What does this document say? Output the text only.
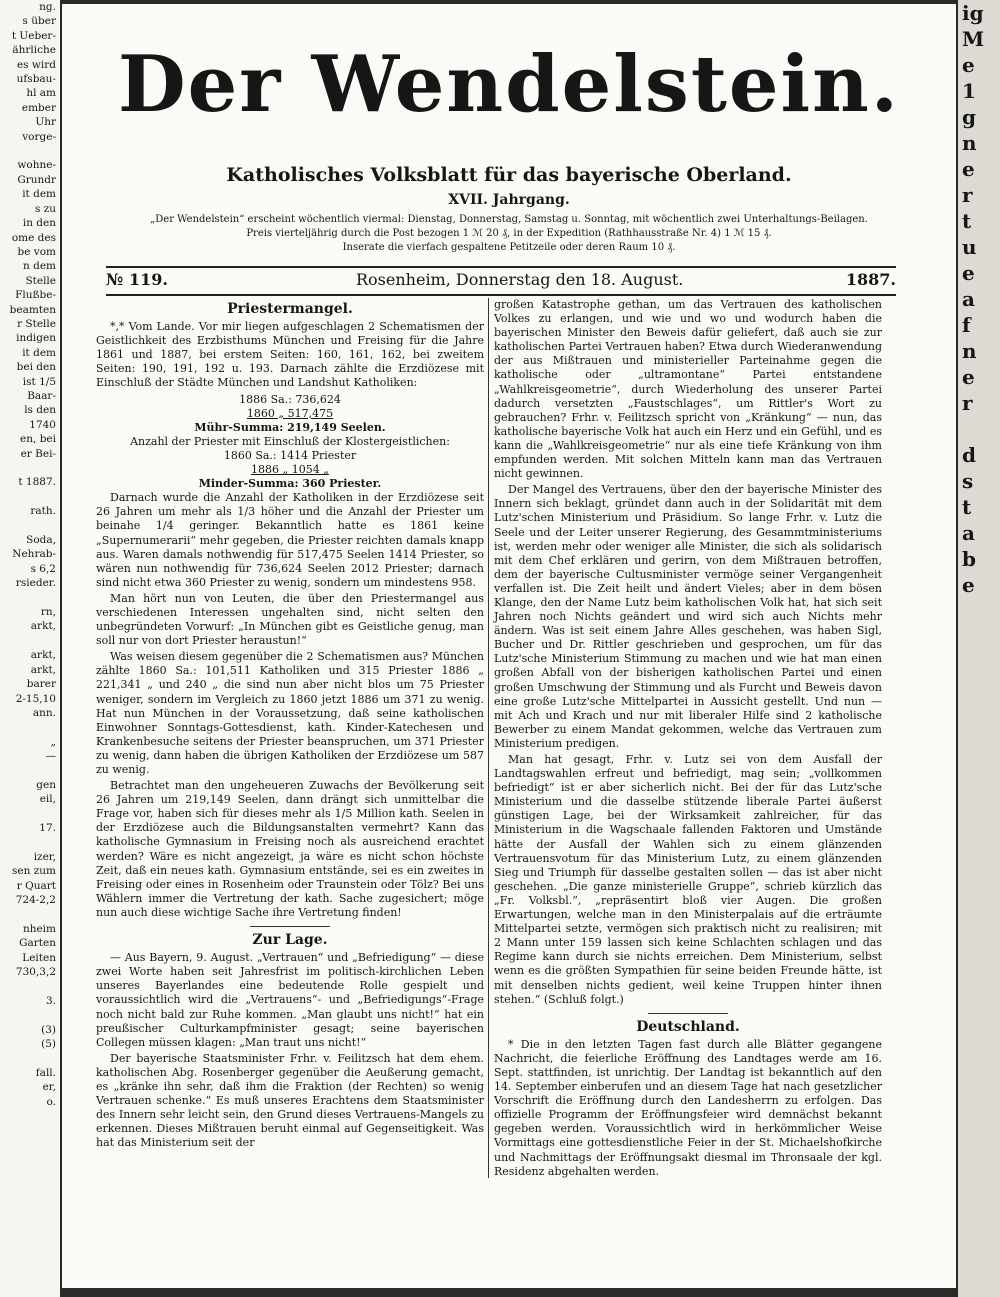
ng.
s über
t Ueber-
ährliche
es wird
ufsbau-
hl am
ember
Uhr
vorge-

wohne-
Grundr
it dem
s zu
in den
ome des
be vom
n dem
Stelle
Flußbe-
beamten
r Stelle
indigen
it dem
bei den
ist 1/5
Baar-
ls den
1740
en, bei
er Bei-

t 1887.

rath.

Soda,
Nehrab-
s 6,2
rsieder.

rn,
arkt,

arkt,
arkt,
barer
2-15,10
ann.

„
—

gen
eil,

17.

izer,
sen zum
r Quart
724-2,2

nheim
Garten
Leiten
730,3,2

3.

(3)
(5)

fall.
er,
o.
ig
M
e
1
g
n
e
r
t
u
e
a
f
n
e
r

d
s
t
a
b
e
Der Wendelstein.
Katholisches Volksblatt für das bayerische Oberland.
XVII. Jahrgang.
„Der Wendelstein“ erscheint wöchentlich viermal: Dienstag, Donnerstag, Samstag u. Sonntag, mit wöchentlich zwei Unterhaltungs-Beilagen.
Preis vierteljährig durch die Post bezogen 1 ℳ 20 ₰, in der Expedition (Rathhausstraße Nr. 4) 1 ℳ 15 ₰.
Inserate die vierfach gespaltene Petitzeile oder deren Raum 10 ₰.
№ 119.	Rosenheim, Donnerstag den 18. August.	1887.
Priestermangel.

*,* Vom Lande. Vor mir liegen aufgeschlagen 2 Schematismen der Geistlichkeit des Erzbisthums München und Freising für die Jahre 1861 und 1887, bei erstem Seiten: 160, 161, 162, bei zweitem Seiten: 190, 191, 192 u. 193. Darnach zählte die Erzdiözese mit Einschluß der Städte München und Landshut Katholiken:

1886 Sa.: 736,624

1860 „ 517,475

Mühr-Summa: 219,149 Seelen.

Anzahl der Priester mit Einschluß der Klostergeistlichen:

1860 Sa.: 1414 Priester

1886 „ 1054 „

Minder-Summa: 360 Priester.

Darnach wurde die Anzahl der Katholiken in der Erzdiözese seit 26 Jahren um mehr als 1/3 höher und die Anzahl der Priester um beinahe 1/4 geringer. Bekanntlich hatte es 1861 keine „Supernumerarii“ mehr gegeben, die Priester reichten damals knapp aus. Waren damals nothwendig für 517,475 Seelen 1414 Priester, so wären nun nothwendig für 736,624 Seelen 2012 Priester; darnach sind nicht etwa 360 Priester zu wenig, sondern um mindestens 958.

Man hört nun von Leuten, die über den Priestermangel aus verschiedenen Interessen ungehalten sind, nicht selten den unbegründeten Vorwurf: „In München gibt es Geistliche genug, man soll nur von dort Priester heraustun!“

Was weisen diesem gegenüber die 2 Schematismen aus? München zählte 1860 Sa.: 101,511 Katholiken und 315 Priester 1886 „ 221,341 „ und 240 „ die sind nun aber nicht blos um 75 Priester weniger, sondern im Vergleich zu 1860 jetzt 1886 um 371 zu wenig. Hat nun München in der Voraussetzung, daß seine katholischen Einwohner Sonntags-Gottesdienst, kath. Kinder-Katechesen und Krankenbesuche seitens der Priester beanspruchen, um 371 Priester zu wenig, dann haben die übrigen Katholiken der Erzdiözese um 587 zu wenig.

Betrachtet man den ungeheueren Zuwachs der Bevölkerung seit 26 Jahren um 219,149 Seelen, dann drängt sich unmittelbar die Frage vor, haben sich für dieses mehr als 1/5 Million kath. Seelen in der Erzdiözese auch die Bildungsanstalten vermehrt? Kann das katholische Gymnasium in Freising noch als ausreichend erachtet werden? Wäre es nicht angezeigt, ja wäre es nicht schon höchste Zeit, daß ein neues kath. Gymnasium entstände, sei es ein zweites in Freising oder eines in Rosenheim oder Traunstein oder Tölz? Bei uns Wählern immer die Vertretung der kath. Sache zugesichert; möge nun auch diese wichtige Sache ihre Vertretung finden!

Zur Lage.

— Aus Bayern, 9. August. „Vertrauen“ und „Befriedigung“ — diese zwei Worte haben seit Jahresfrist im politisch-kirchlichen Leben unseres Bayerlandes eine bedeutende Rolle gespielt und voraussichtlich wird die „Vertrauens“- und „Befriedigungs“-Frage noch nicht bald zur Ruhe kommen. „Man glaubt uns nicht!“ hat ein preußischer Culturkampfminister gesagt; seine bayerischen Collegen müssen klagen: „Man traut uns nicht!“

Der bayerische Staatsminister Frhr. v. Feilitzsch hat dem ehem. katholischen Abg. Rosenberger gegenüber die Aeußerung gemacht, es „kränke ihn sehr, daß ihm die Fraktion (der Rechten) so wenig Vertrauen schenke.“ Es muß unseres Erachtens dem Staatsminister des Innern sehr leicht sein, den Grund dieses Vertrauens-Mangels zu erkennen. Dieses Mißtrauen beruht einmal auf Gegenseitigkeit. Was hat das Ministerium seit der

großen Katastrophe gethan, um das Vertrauen des katholischen Volkes zu erlangen, und wie und wo und wodurch haben die bayerischen Minister den Beweis dafür geliefert, daß auch sie zur katholischen Partei Vertrauen haben? Etwa durch Wiederanwendung der aus Mißtrauen und ministerieller Parteinahme gegen die katholische oder „ultramontane“ Partei entstandene „Wahlkreisgeometrie“, durch Wiederholung des unserer Partei dadurch versetzten „Faustschlages“, um Rittler's Wort zu gebrauchen? Frhr. v. Feilitzsch spricht von „Kränkung“ — nun, das katholische bayerische Volk hat auch ein Herz und ein Gefühl, und es kann die „Wahlkreisgeometrie“ nur als eine tiefe Kränkung von ihm empfunden werden. Mit solchen Mitteln kann man das Vertrauen nicht gewinnen.

Der Mangel des Vertrauens, über den der bayerische Minister des Innern sich beklagt, gründet dann auch in der Solidarität mit dem Lutz'schen Ministerium und Präsidium. So lange Frhr. v. Lutz die Seele und der Leiter unserer Regierung, des Gesammtministeriums ist, werden mehr oder weniger alle Minister, die sich als solidarisch mit dem Chef erklären und gerirn, von dem Mißtrauen betroffen, dem der bayerische Cultusminister vermöge seiner Vergangenheit verfallen ist. Die Zeit heilt und ändert Vieles; aber in dem bösen Klange, den der Name Lutz beim katholischen Volk hat, hat sich seit Jahren noch Nichts geändert und wird sich auch Nichts mehr ändern. Was ist seit einem Jahre Alles geschehen, was haben Sigl, Bucher und Dr. Rittler geschrieben und gesprochen, um für das Lutz'sche Ministerium Stimmung zu machen und wie hat man einen großen Abfall von der bisherigen katholischen Partei und einen großen Umschwung der Stimmung und als Furcht und Beweis davon eine große Lutz'sche Mittelpartei in Aussicht gestellt. Und nun — mit Ach und Krach und nur mit liberaler Hilfe sind 2 katholische Bewerber zu einem Mandat gekommen, welche das Vertrauen zum Ministerium predigen.

Man hat gesagt, Frhr. v. Lutz sei von dem Ausfall der Landtagswahlen erfreut und befriedigt, mag sein; „vollkommen befriedigt“ ist er aber sicherlich nicht. Bei der für das Lutz'sche Ministerium und die dasselbe stützende liberale Partei äußerst günstigen Lage, bei der Wirksamkeit zahlreicher, für das Ministerium in die Wagschaale fallenden Faktoren und Umstände hätte der Ausfall der Wahlen sich zu einem glänzenden Vertrauensvotum für das Ministerium Lutz, zu einem glänzenden Sieg und Triumph für dasselbe gestalten sollen — das ist aber nicht geschehen. „Die ganze ministerielle Gruppe“, schrieb kürzlich das „Fr. Volksbl.“, „repräsentirt bloß vier Augen. Die großen Erwartungen, welche man in den Ministerpalais auf die erträumte Mittelpartei setzte, vermögen sich praktisch nicht zu realisiren; mit 2 Mann unter 159 lassen sich keine Schlachten schlagen und das Regime kann durch sie nichts erreichen. Dem Ministerium, selbst wenn es die größten Sympathien für seine beiden Freunde hätte, ist mit denselben nichts gedient, weil keine Truppen hinter ihnen stehen.“ (Schluß folgt.)

Deutschland.

* Die in den letzten Tagen fast durch alle Blätter gegangene Nachricht, die feierliche Eröffnung des Landtages werde am 16. Sept. stattfinden, ist unrichtig. Der Landtag ist bekanntlich auf den 14. September einberufen und an diesem Tage hat nach gesetzlicher Vorschrift die Eröffnung durch den Landesherrn zu erfolgen. Das offizielle Programm der Eröffnungsfeier wird demnächst bekannt gegeben werden. Voraussichtlich wird in herkömmlicher Weise Vormittags eine gottesdienstliche Feier in der St. Michaelshofkirche und Nachmittags der Eröffnungsakt diesmal im Thronsaale der kgl. Residenz abgehalten werden.
